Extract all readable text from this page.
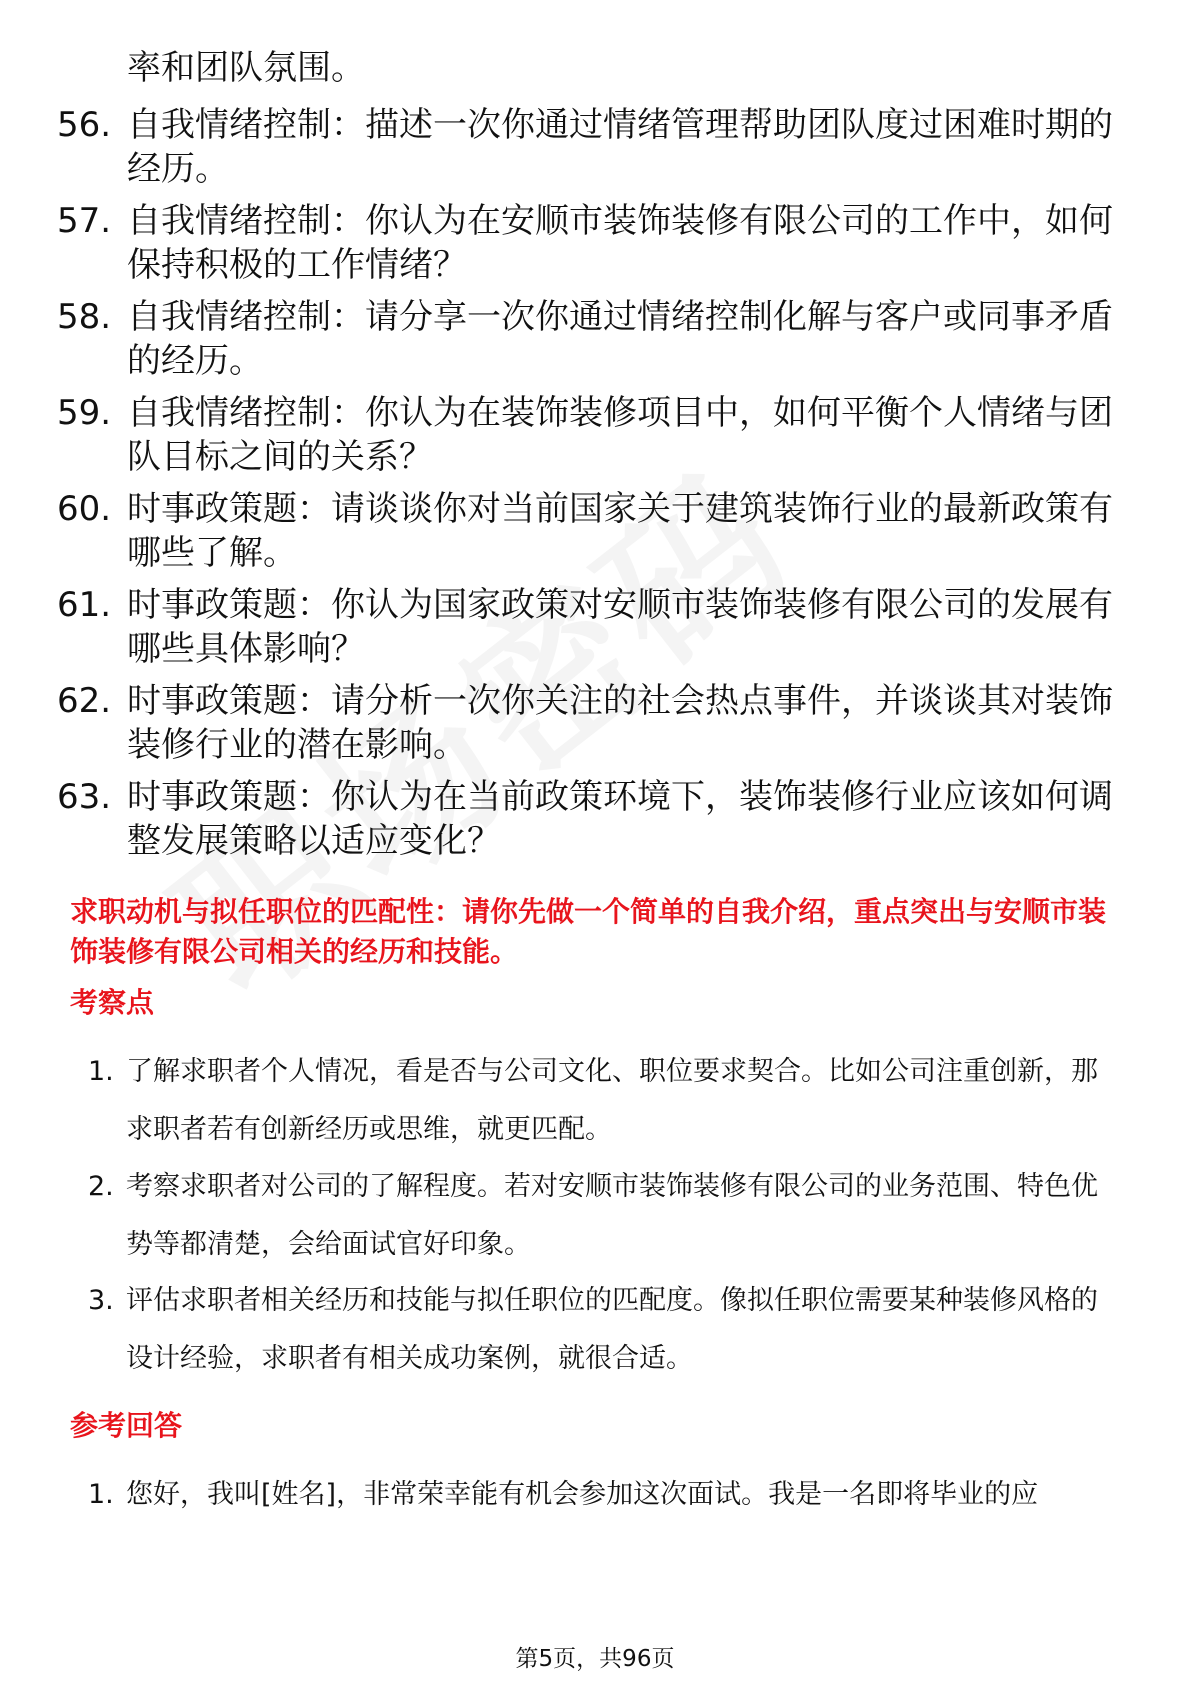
率和团队氛围。
56. 自我情绪控制：描述一次你通过情绪管理帮助团队度过困难时期的经历。
57. 自我情绪控制：你认为在安顺市装饰装修有限公司的工作中，如何保持积极的工作情绪？
58. 自我情绪控制：请分享一次你通过情绪控制化解与客户或同事矛盾的经历。
59. 自我情绪控制：你认为在装饰装修项目中，如何平衡个人情绪与团队目标之间的关系？
60. 时事政策题：请谈谈你对当前国家关于建筑装饰行业的最新政策有哪些了解。
61. 时事政策题：你认为国家政策对安顺市装饰装修有限公司的发展有哪些具体影响？
62. 时事政策题：请分析一次你关注的社会热点事件，并谈谈其对装饰装修行业的潜在影响。
63. 时事政策题：你认为在当前政策环境下，装饰装修行业应该如何调整发展策略以适应变化？
求职动机与拟任职位的匹配性：请你先做一个简单的自我介绍，重点突出与安顺市装饰装修有限公司相关的经历和技能。
考察点
1. 了解求职者个人情况，看是否与公司文化、职位要求契合。比如公司注重创新，那求职者若有创新经历或思维，就更匹配。
2. 考察求职者对公司的了解程度。若对安顺市装饰装修有限公司的业务范围、特色优势等都清楚，会给面试官好印象。
3. 评估求职者相关经历和技能与拟任职位的匹配度。像拟任职位需要某种装修风格的设计经验，求职者有相关成功案例，就很合适。
参考回答
1. 您好，我叫[姓名]，非常荣幸能有机会参加这次面试。我是一名即将毕业的应
第5页，共96页
